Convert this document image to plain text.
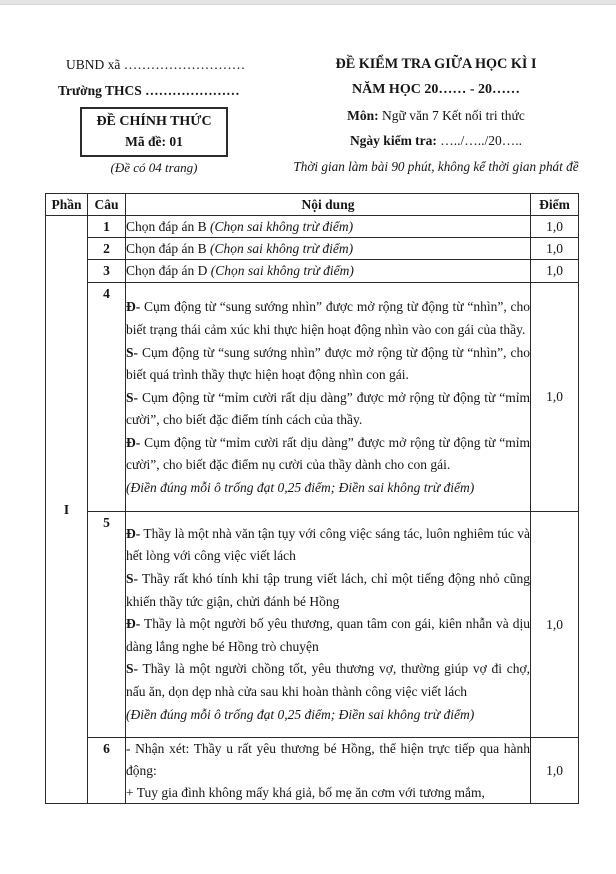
UBND xã ………………………
Trường THCS …………………
ĐỀ CHÍNH THỨC
Mã đề: 01
(Đề có 04 trang)
ĐỀ KIỂM TRA GIỮA HỌC KÌ I
NĂM HỌC 20…… - 20……
Môn: Ngữ văn 7 Kết nối tri thức
Ngày kiểm tra: …../…../20…..
Thời gian làm bài 90 phút, không kể thời gian phát đề
Phần	Câu	Nội dung	Điểm
I	1	Chọn đáp án B (Chọn sai không trừ điểm)	1,0
	2	Chọn đáp án B (Chọn sai không trừ điểm)	1,0
	3	Chọn đáp án D (Chọn sai không trừ điểm)	1,0
	4	Đ- Cụm động từ “sung sướng nhìn” được mở rộng từ động từ “nhìn”, cho biết trạng thái cảm xúc khi thực hiện hoạt động nhìn vào con gái của thầy.

S- Cụm động từ “sung sướng nhìn” được mở rộng từ động từ “nhìn”, cho biết quá trình thầy thực hiện hoạt động nhìn con gái.

S- Cụm động từ “mỉm cười rất dịu dàng” được mở rộng từ động từ “mỉm cười”, cho biết đặc điểm tính cách của thầy.

Đ- Cụm động từ “mỉm cười rất dịu dàng” được mở rộng từ động từ “mỉm cười”, cho biết đặc điểm nụ cười của thầy dành cho con gái.

(Điền đúng mỗi ô trống đạt 0,25 điểm; Điền sai không trừ điểm)	1,0
	5	Đ- Thầy là một nhà văn tận tụy với công việc sáng tác, luôn nghiêm túc và hết lòng với công việc viết lách

S- Thầy rất khó tính khi tập trung viết lách, chỉ một tiếng động nhỏ cũng khiến thầy tức giận, chửi đánh bé Hồng

Đ- Thầy là một người bố yêu thương, quan tâm con gái, kiên nhẫn và dịu dàng lắng nghe bé Hồng trò chuyện

S- Thầy là một người chồng tốt, yêu thương vợ, thường giúp vợ đi chợ, nấu ăn, dọn dẹp nhà cửa sau khi hoàn thành công việc viết lách

(Điền đúng mỗi ô trống đạt 0,25 điểm; Điền sai không trừ điểm)	1,0
	6	- Nhận xét: Thầy u rất yêu thương bé Hồng, thể hiện trực tiếp qua hành động:

+ Tuy gia đình không mấy khá giả, bố mẹ ăn cơm với tương mắm,	1,0
